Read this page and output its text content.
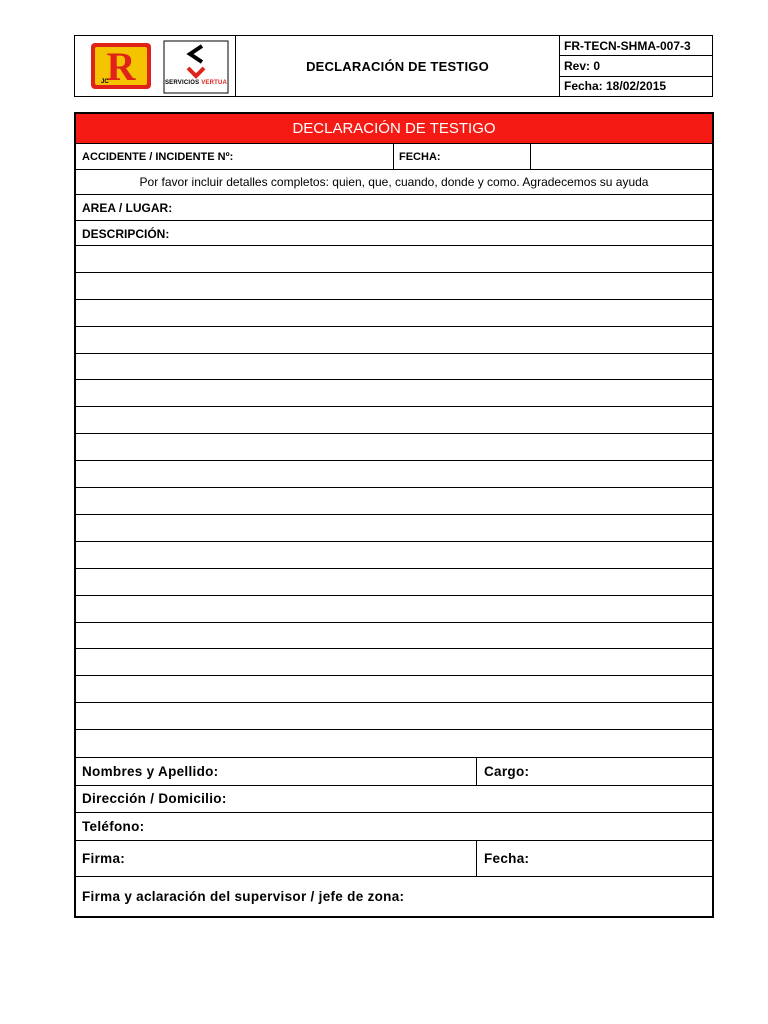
R
JC	SERVICIOS VERTUA
DECLARACIÓN DE TESTIGO
FR-TECN-SHMA-007-3
Rev: 0
Fecha: 18/02/2015
DECLARACIÓN DE TESTIGO
ACCIDENTE / INCIDENTE Nº:	FECHA:
Por favor incluir detalles completos: quien, que, cuando, donde y como. Agradecemos su ayuda
AREA / LUGAR:
DESCRIPCIÓN:
Nombres y Apellido:	Cargo:
Dirección / Domicilio:
Teléfono:
Firma:	Fecha:
Firma y aclaración del supervisor / jefe de zona:
